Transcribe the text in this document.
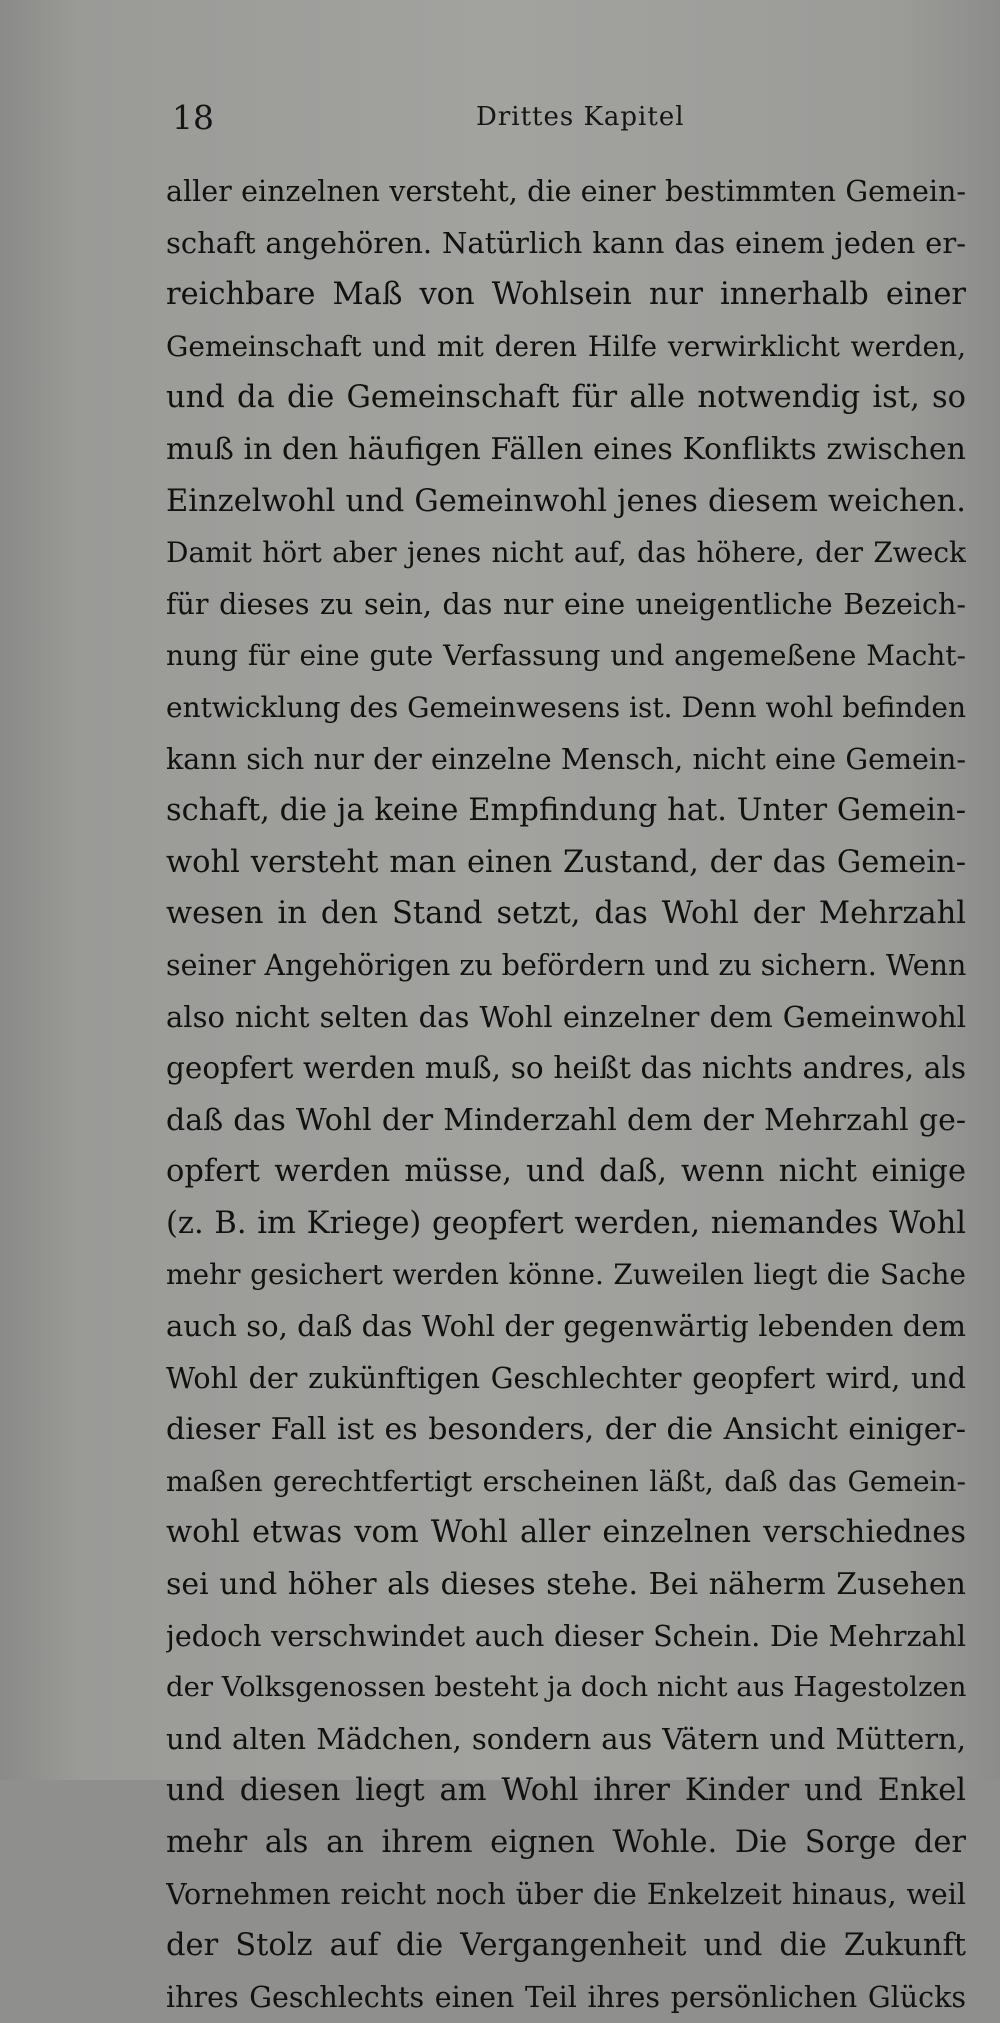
18	Drittes Kapitel
aller einzelnen versteht, die einer bestimmten Gemein-
schaft angehören. Natürlich kann das einem jeden er-
reichbare Maß von Wohlsein nur innerhalb einer
Gemeinschaft und mit deren Hilfe verwirklicht werden,
und da die Gemeinschaft für alle notwendig ist, so
muß in den häufigen Fällen eines Konflikts zwischen
Einzelwohl und Gemeinwohl jenes diesem weichen.
Damit hört aber jenes nicht auf, das höhere, der Zweck
für dieses zu sein, das nur eine uneigentliche Bezeich-
nung für eine gute Verfassung und angemeßene Macht-
entwicklung des Gemeinwesens ist. Denn wohl befinden
kann sich nur der einzelne Mensch, nicht eine Gemein-
schaft, die ja keine Empfindung hat. Unter Gemein-
wohl versteht man einen Zustand, der das Gemein-
wesen in den Stand setzt, das Wohl der Mehrzahl
seiner Angehörigen zu befördern und zu sichern. Wenn
also nicht selten das Wohl einzelner dem Gemeinwohl
geopfert werden muß, so heißt das nichts andres, als
daß das Wohl der Minderzahl dem der Mehrzahl ge-
opfert werden müsse, und daß, wenn nicht einige
(z. B. im Kriege) geopfert werden, niemandes Wohl
mehr gesichert werden könne. Zuweilen liegt die Sache
auch so, daß das Wohl der gegenwärtig lebenden dem
Wohl der zukünftigen Geschlechter geopfert wird, und
dieser Fall ist es besonders, der die Ansicht einiger-
maßen gerechtfertigt erscheinen läßt, daß das Gemein-
wohl etwas vom Wohl aller einzelnen verschiednes
sei und höher als dieses stehe. Bei näherm Zusehen
jedoch verschwindet auch dieser Schein. Die Mehrzahl
der Volksgenossen besteht ja doch nicht aus Hagestolzen
und alten Mädchen, sondern aus Vätern und Müttern,
und diesen liegt am Wohl ihrer Kinder und Enkel
mehr als an ihrem eignen Wohle. Die Sorge der
Vornehmen reicht noch über die Enkelzeit hinaus, weil
der Stolz auf die Vergangenheit und die Zukunft
ihres Geschlechts einen Teil ihres persönlichen Glücks
